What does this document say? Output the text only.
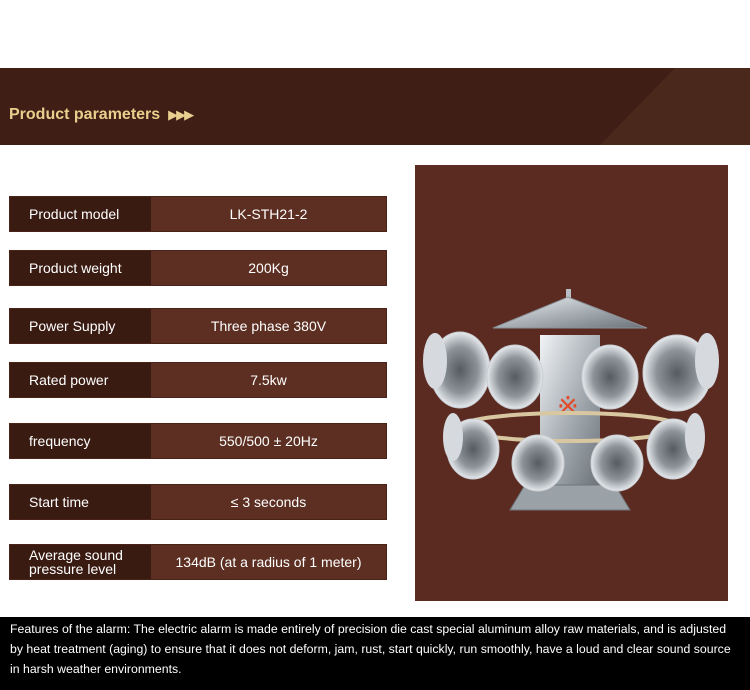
Product parameters ▶▶▶
Product model	LK-STH21-2
Product weight	200Kg
Power Supply	Three phase 380V
Rated power	7.5kw
frequency	550/500 ± 20Hz
Start time	≤ 3 seconds
Average sound pressure level	134dB (at a radius of 1 meter)
※
Features of the alarm: The electric alarm is made entirely of precision die cast special aluminum alloy raw materials, and is adjusted by heat treatment (aging) to ensure that it does not deform, jam, rust, start quickly, run smoothly, have a loud and clear sound source in harsh weather environments.
